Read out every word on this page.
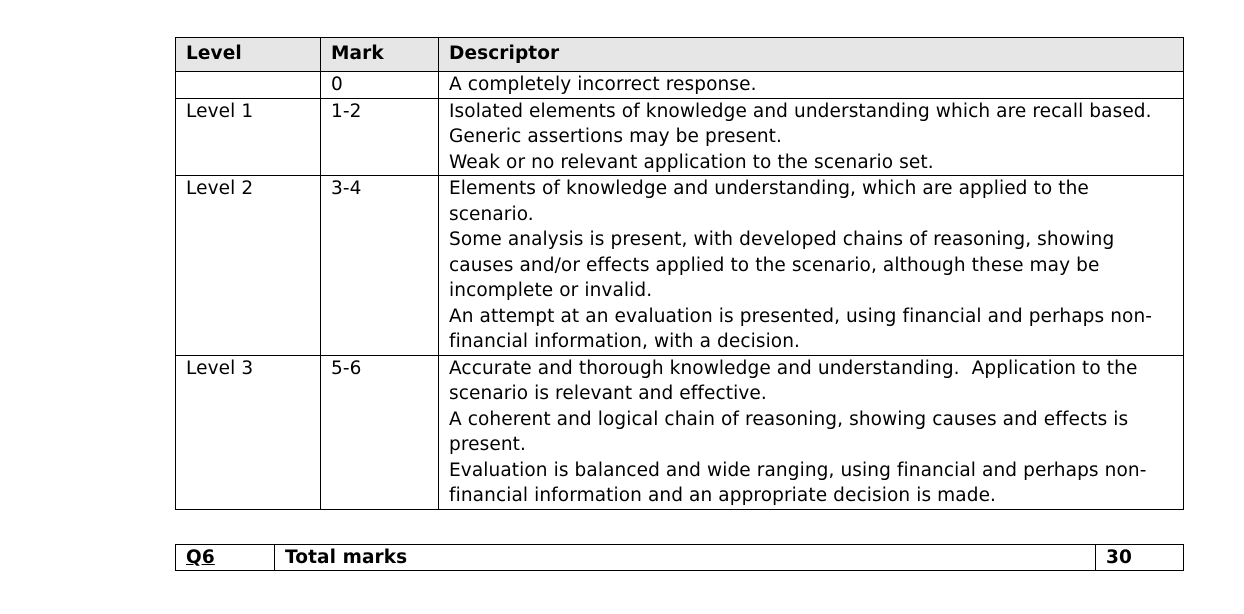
Level	Mark	Descriptor
	0	A completely incorrect response.

Level 1	1-2	Isolated elements of knowledge and understanding which are recall based.
Generic assertions may be present.
Weak or no relevant application to the scenario set.

Level 2	3-4	Elements of knowledge and understanding, which are applied to the scenario.
Some analysis is present, with developed chains of reasoning, showing causes and/or effects applied to the scenario, although these may be incomplete or invalid.
An attempt at an evaluation is presented, using financial and perhaps non-financial information, with a decision.

Level 3	5-6	Accurate and thorough knowledge and understanding.  Application to the scenario is relevant and effective.
A coherent and logical chain of reasoning, showing causes and effects is present.
Evaluation is balanced and wide ranging, using financial and perhaps non-financial information and an appropriate decision is made.
Q6	Total marks	30
